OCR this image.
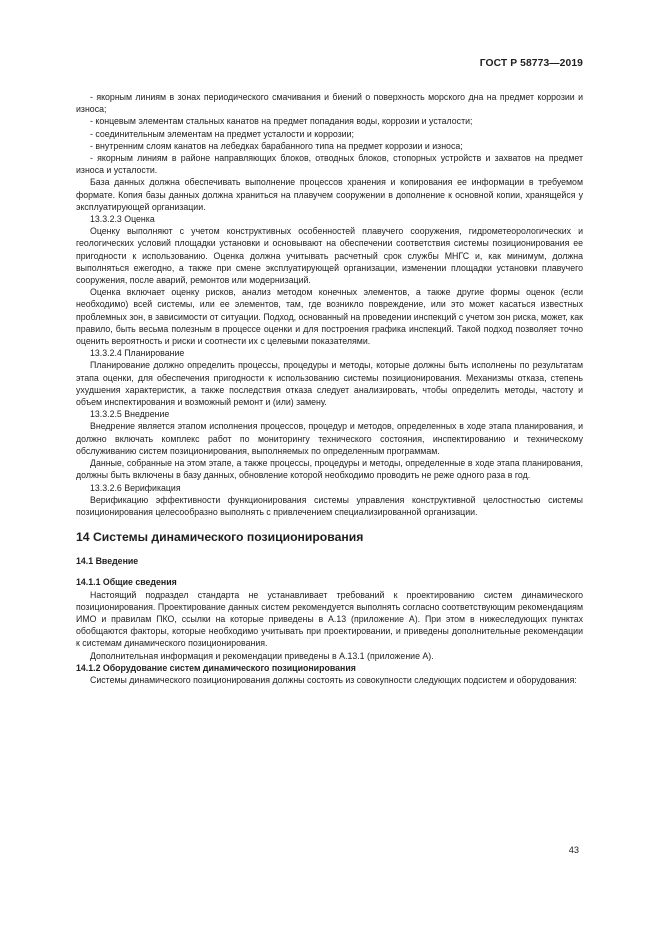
ГОСТ Р 58773—2019

- якорным линиям в зонах периодического смачивания и биений о поверхность морского дна на предмет коррозии и износа;

- концевым элементам стальных канатов на предмет попадания воды, коррозии и усталости;

- соединительным элементам на предмет усталости и коррозии;

- внутренним слоям канатов на лебедках барабанного типа на предмет коррозии и износа;

- якорным линиям в районе направляющих блоков, отводных блоков, стопорных устройств и захватов на предмет износа и усталости.

База данных должна обеспечивать выполнение процессов хранения и копирования ее информации в требуемом формате. Копия базы данных должна храниться на плавучем сооружении в дополнение к основной копии, хранящейся у эксплуатирующей организации.

13.3.2.3 Оценка

Оценку выполняют с учетом конструктивных особенностей плавучего сооружения, гидрометеорологических и геологических условий площадки установки и основывают на обеспечении соответствия системы позиционирования ее пригодности к использованию. Оценка должна учитывать расчетный срок службы МНГС и, как минимум, должна выполняться ежегодно, а также при смене эксплуатирующей организации, изменении площадки установки плавучего сооружения, после аварий, ремонтов или модернизаций.

Оценка включает оценку рисков, анализ методом конечных элементов, а также другие формы оценок (если необходимо) всей системы, или ее элементов, там, где возникло повреждение, или это может касаться известных проблемных зон, в зависимости от ситуации. Подход, основанный на проведении инспекций с учетом зон риска, может, как правило, быть весьма полезным в процессе оценки и для построения графика инспекций. Такой подход позволяет точно оценить вероятность и риски и соотнести их с целевыми показателями.

13.3.2.4 Планирование

Планирование должно определить процессы, процедуры и методы, которые должны быть исполнены по результатам этапа оценки, для обеспечения пригодности к использованию системы позиционирования. Механизмы отказа, степень ухудшения характеристик, а также последствия отказа следует анализировать, чтобы определить методы, частоту и объем инспектирования и возможный ремонт и (или) замену.

13.3.2.5 Внедрение

Внедрение является этапом исполнения процессов, процедур и методов, определенных в ходе этапа планирования, и должно включать комплекс работ по мониторингу технического состояния, инспектированию и техническому обслуживанию систем позиционирования, выполняемых по определенным программам.

Данные, собранные на этом этапе, а также процессы, процедуры и методы, определенные в ходе этапа планирования, должны быть включены в базу данных, обновление которой необходимо проводить не реже одного раза в год.

13.3.2.6 Верификация

Верификацию эффективности функционирования системы управления конструктивной целостностью системы позиционирования целесообразно выполнять с привлечением специализированной организации.

14 Системы динамического позиционирования
14.1 Введение
14.1.1 Общие сведения

Настоящий подраздел стандарта не устанавливает требований к проектированию систем динамического позиционирования. Проектирование данных систем рекомендуется выполнять согласно соответствующим рекомендациям ИМО и правилам ПКО, ссылки на которые приведены в А.13 (приложение А). При этом в нижеследующих пунктах обобщаются факторы, которые необходимо учитывать при проектировании, и приведены дополнительные рекомендации к системам динамического позиционирования.

Дополнительная информация и рекомендации приведены в А.13.1 (приложение А).

14.1.2 Оборудование систем динамического позиционирования

Системы динамического позиционирования должны состоять из совокупности следующих подсистем и оборудования:

43
